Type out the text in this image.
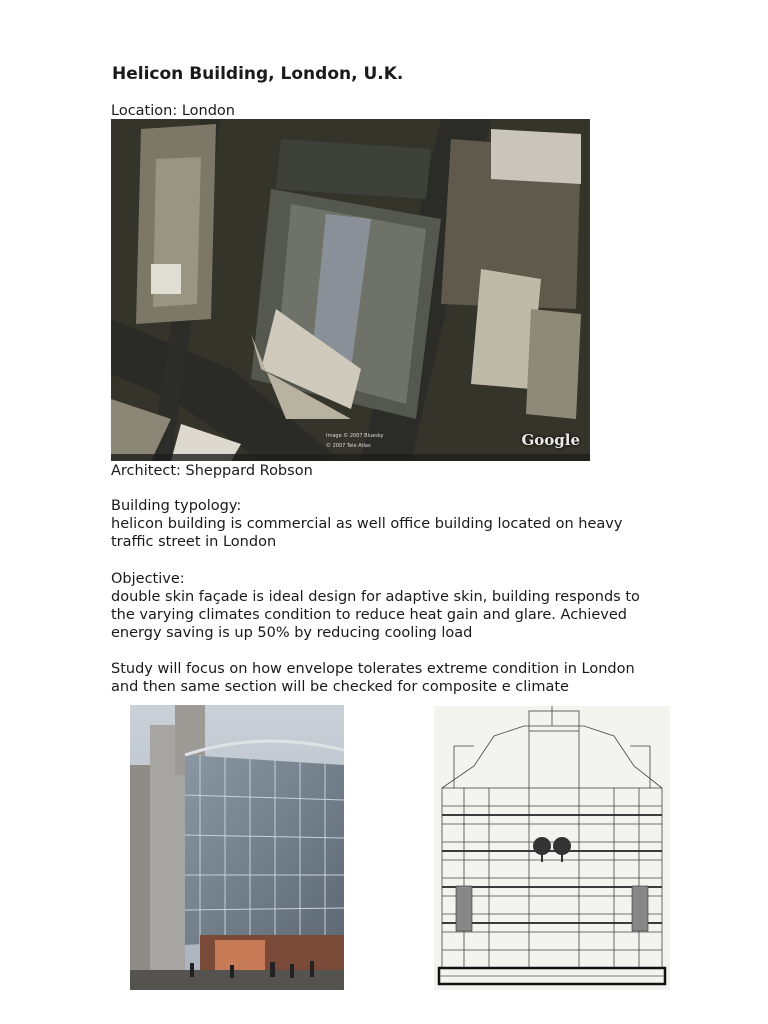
Helicon Building, London, U.K.

Location: London

Image © 2007 Bluesky
© 2007 Tele Atlas	Google

Architect: Sheppard Robson

Building typology:

helicon building is commercial as well office building located on heavy

traffic street in London

Objective:

double skin façade is ideal design for adaptive skin, building responds to

the varying climates condition to reduce heat gain and glare. Achieved

energy saving is up 50% by reducing cooling load

Study will focus on how envelope tolerates extreme condition in London

and then same section will be checked for composite e climate
